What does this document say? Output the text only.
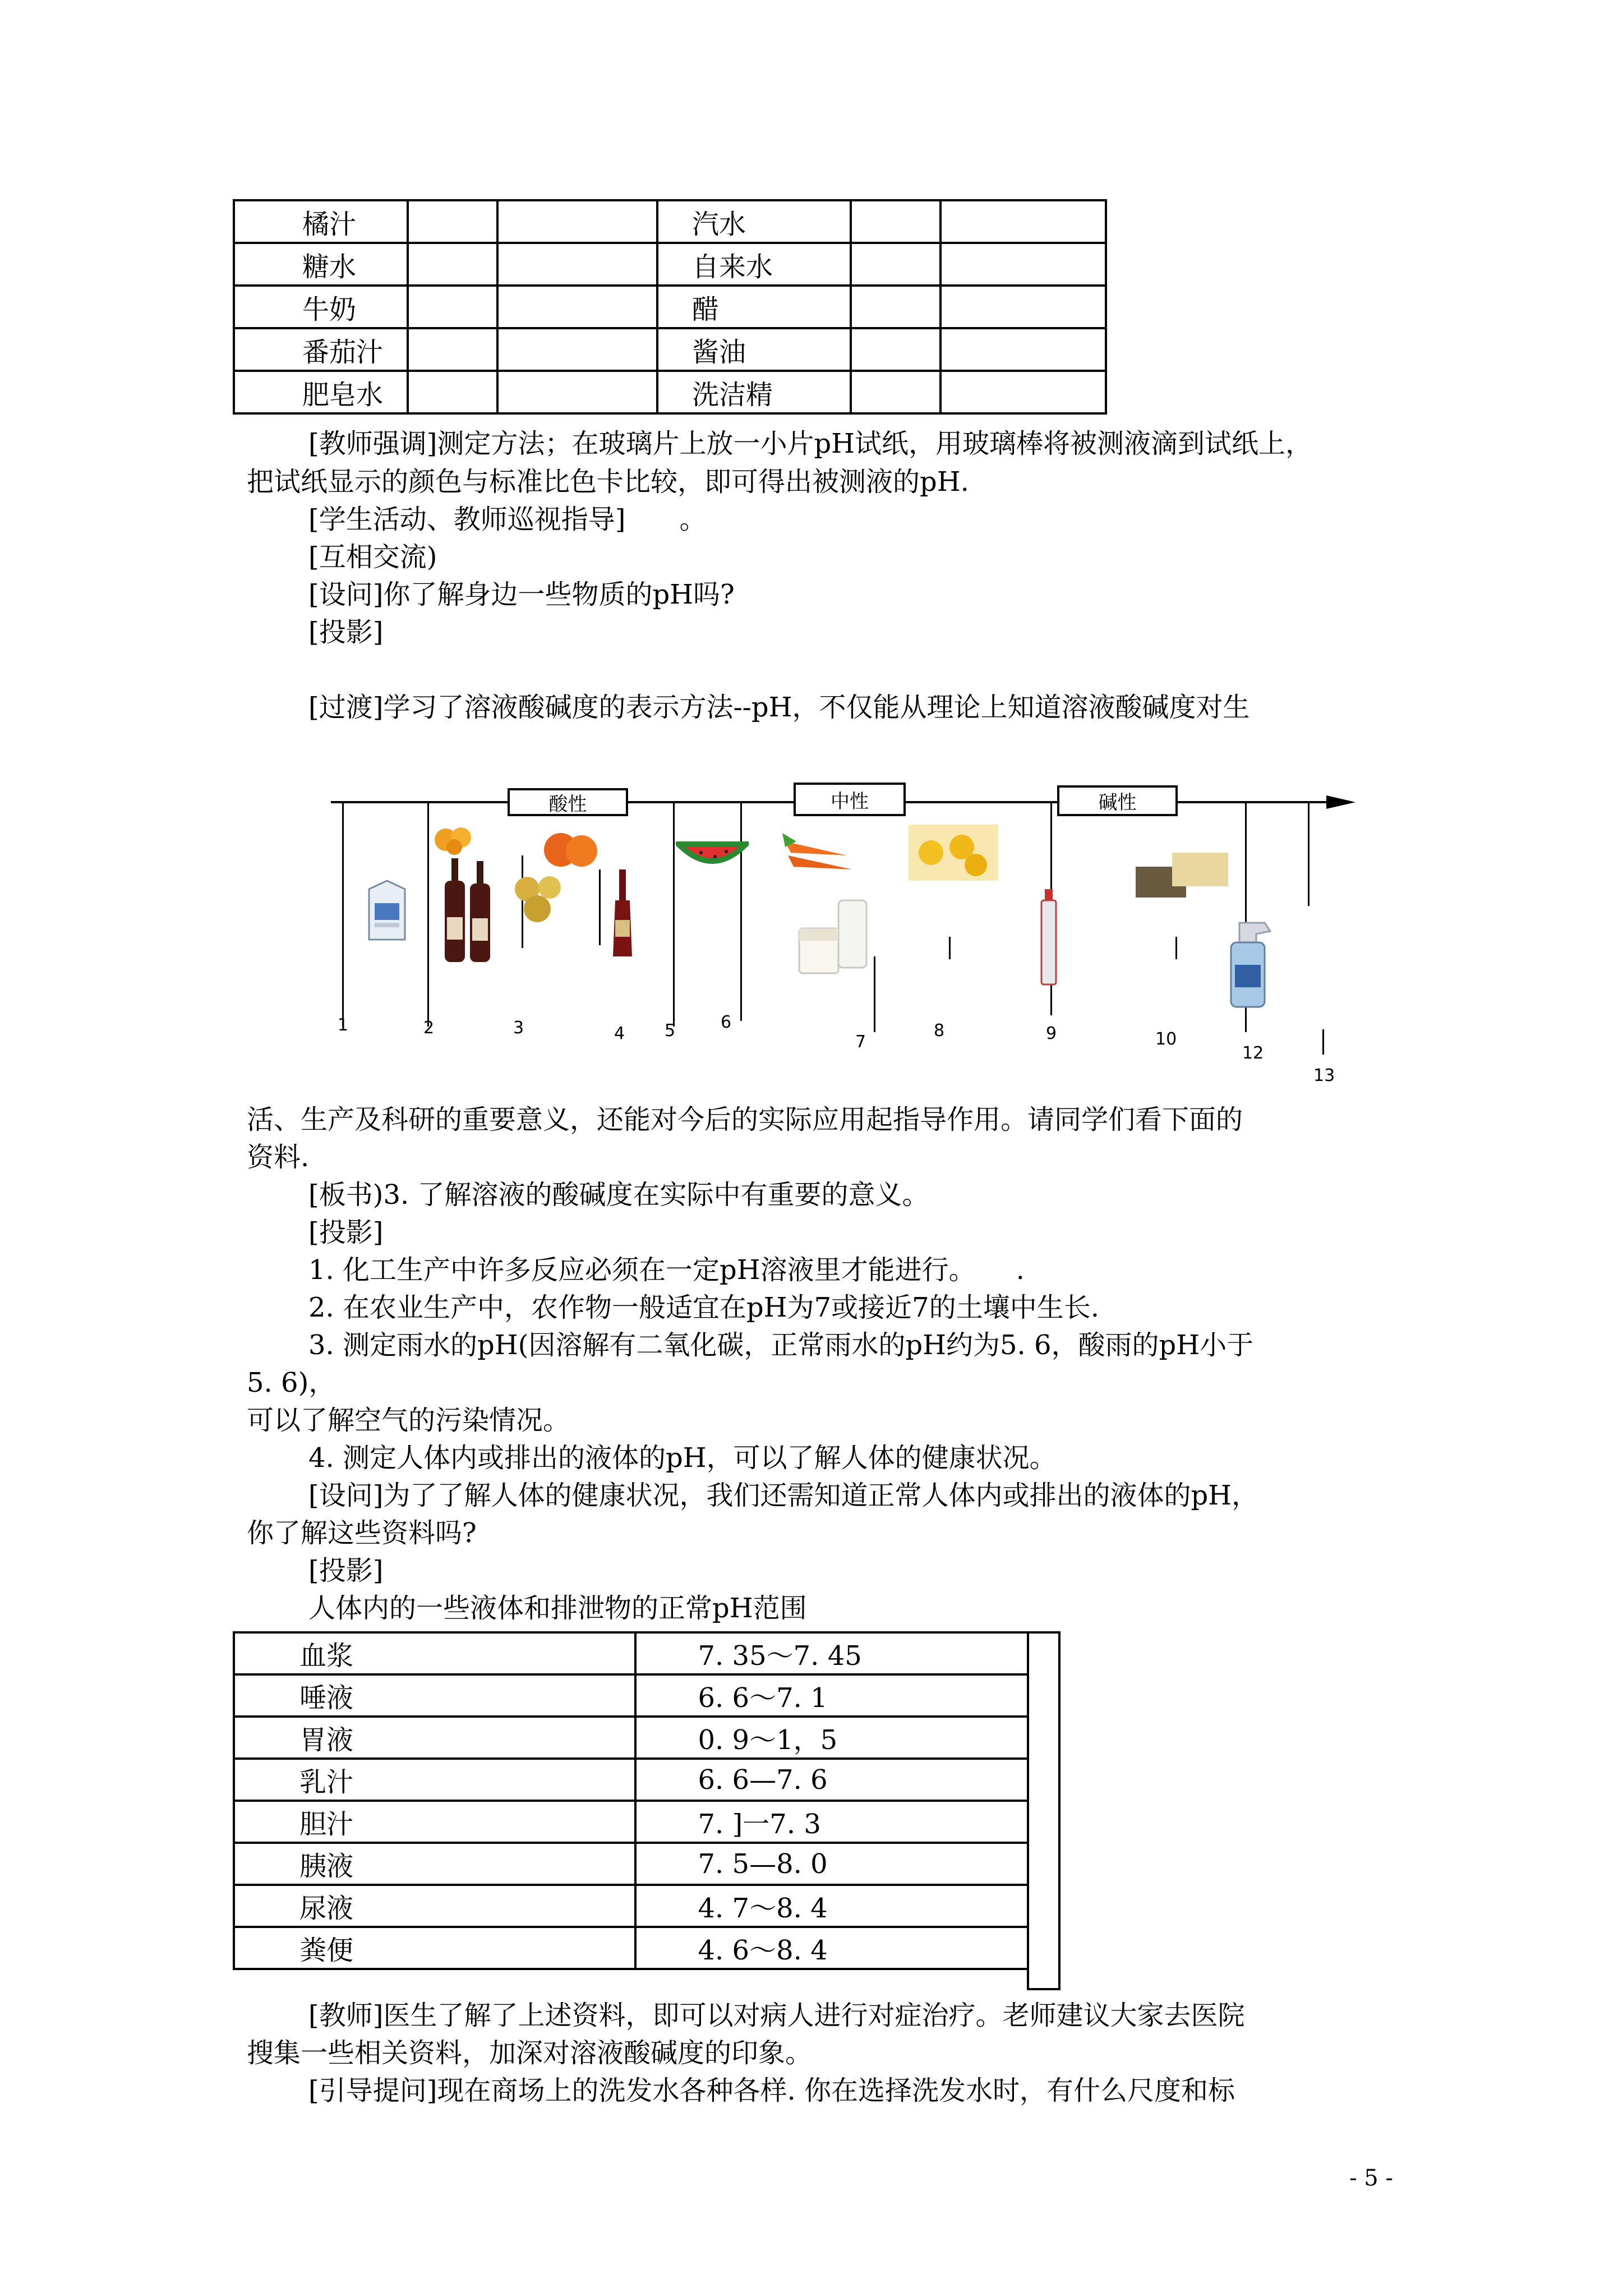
橘汁			汽水		
糖水			自来水		
牛奶			醋		
番茄汁			酱油		
肥皂水			洗洁精		
[教师强调]测定方法；在玻璃片上放一小片pH试纸，用玻璃棒将被测液滴到试纸上，
把试纸显示的颜色与标准比色卡比较，即可得出被测液的pH.
[学生活动、教师巡视指导]　　。
[互相交流)
[设问]你了解身边一些物质的pH吗?
[投影]
[过渡]学习了溶液酸碱度的表示方法--pH，不仅能从理论上知道溶液酸碱度对生
酸性	中性	碱性
1	2	3	4 5	6
7
8	9	10
12
13
活、生产及科研的重要意义，还能对今后的实际应用起指导作用。请同学们看下面的
资料.
[板书)3. 了解溶液的酸碱度在实际中有重要的意义。
[投影]
1. 化工生产中许多反应必须在一定pH溶液里才能进行。　　.
2. 在农业生产中，农作物一般适宜在pH为7或接近7的土壤中生长.
3. 测定雨水的pH(因溶解有二氧化碳，正常雨水的pH约为5. 6，酸雨的pH小于
5. 6)，
可以了解空气的污染情况。
4. 测定人体内或排出的液体的pH，可以了解人体的健康状况。
[设问]为了了解人体的健康状况，我们还需知道正常人体内或排出的液体的pH，
你了解这些资料吗?
[投影]
人体内的一些液体和排泄物的正常pH范围
血浆	7. 35～7. 45
唾液	6. 6～7. 1
胃液	0. 9～1，5
乳汁	6. 6—7. 6
胆汁	7. ]一7. 3
胰液	7. 5—8. 0
尿液	4. 7～8. 4
粪便	4. 6～8. 4
[教师]医生了解了上述资料，即可以对病人进行对症治疗。老师建议大家去医院
搜集一些相关资料，加深对溶液酸碱度的印象。
[引导提问]现在商场上的洗发水各种各样. 你在选择洗发水时，有什么尺度和标
- 5 -
